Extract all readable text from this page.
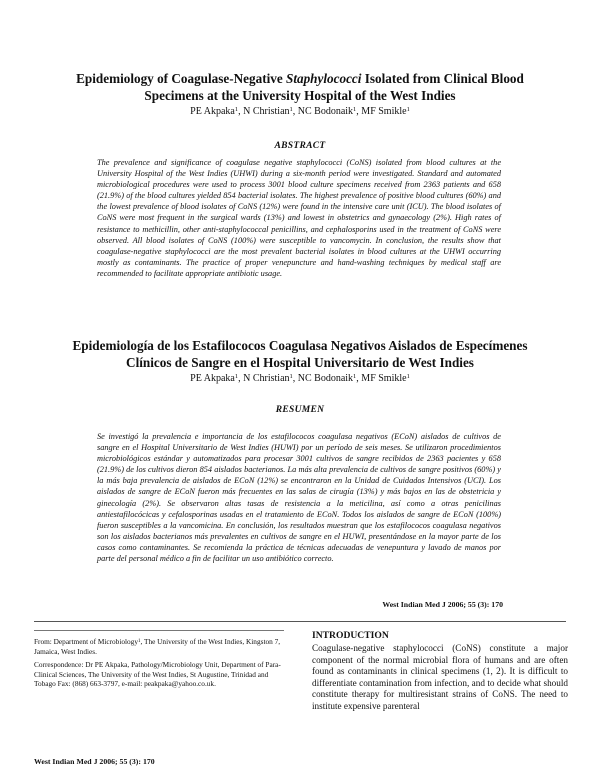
Epidemiology of Coagulase-Negative Staphylococci Isolated from Clinical Blood
Specimens at the University Hospital of the West Indies
PE Akpaka$^1$, N Christian$^1$, NC Bodonaik$^1$, MF Smikle$^1$
ABSTRACT

The prevalence and significance of coagulase negative staphylococci (CoNS) isolated from blood cultures at the University Hospital of the West Indies (UHWI) during a six-month period were investigated. Standard and automated microbiological procedures were used to process 3001 blood culture specimens received from 2363 patients and 658 (21.9%) of the blood cultures yielded 854 bacterial isolates. The highest prevalence of positive blood cultures (60%) and the lowest prevalence of blood isolates of CoNS (12%) were found in the intensive care unit (ICU). The blood isolates of CoNS were most frequent in the surgical wards (13%) and lowest in obstetrics and gynaecology (2%). High rates of resistance to methicillin, other anti-staphylococcal penicillins, and cephalosporins used in the treatment of CoNS were observed. All blood isolates of CoNS (100%) were susceptible to vancomycin. In conclusion, the results show that coagulase-negative staphylococci are the most prevalent bacterial isolates in blood cultures at the UHWI occurring mostly as contaminants. The practice of proper venepuncture and hand-washing techniques by medical staff are recommended to facilitate appropriate antibiotic usage.

Epidemiología de los Estafilococos Coagulasa Negativos Aislados de Especímenes
Clínicos de Sangre en el Hospital Universitario de West Indies
PE Akpaka$^1$, N Christian$^1$, NC Bodonaik$^1$, MF Smikle$^1$
RESUMEN

Se investigó la prevalencia e importancia de los estafilococos coagulasa negativos (ECoN) aislados de cultivos de sangre en el Hospital Universitario de West Indies (HUWI) por un período de seis meses. Se utilizaron procedimientos microbiológicos estándar y automatizados para procesar 3001 cultivos de sangre recibidos de 2363 pacientes y 658 (21.9%) de los cultivos dieron 854 aislados bacterianos. La más alta prevalencia de cultivos de sangre positivos (60%) y la más baja prevalencia de aislados de ECoN (12%) se encontraron en la Unidad de Cuidados Intensivos (UCI). Los aislados de sangre de ECoN fueron más frecuentes en las salas de cirugía (13%) y más bajos en las de obstetricia y ginecología (2%). Se observaron altas tasas de resistencia a la meticilina, así como a otras penicilinas antiestafilocócicas y cefalosporinas usadas en el tratamiento de ECoN. Todos los aislados de sangre de ECoN (100%) fueron susceptibles a la vancomicina. En conclusión, los resultados muestran que los estafilococos coagulasa negativos son los aislados bacterianos más prevalentes en cultivos de sangre en el HUWI, presentándose en la mayor parte de los casos como contaminantes. Se recomienda la práctica de técnicas adecuadas de venepuntura y lavado de manos por parte del personal médico a fin de facilitar un uso antibiótico correcto.

West Indian Med J 2006; 55 (3): 170

From: Department of Microbiology$^1$, The University of the West Indies, Kingston 7, Jamaica, West Indies.

Correspondence: Dr PE Akpaka, Pathology/Microbiology Unit, Department of Para-Clinical Sciences, The University of the West Indies, St Augustine, Trinidad and Tobago Fax: (868) 663-3797, e-mail: peakpaka@yahoo.co.uk.

INTRODUCTION

Coagulase-negative staphylococci (CoNS) constitute a major component of the normal microbial flora of humans and are often found as contaminants in clinical specimens (1, 2). It is difficult to differentiate contamination from infection, and to decide what should constitute therapy for multiresistant strains of CoNS. The need to institute expensive parenteral

West Indian Med J 2006; 55 (3): 170
